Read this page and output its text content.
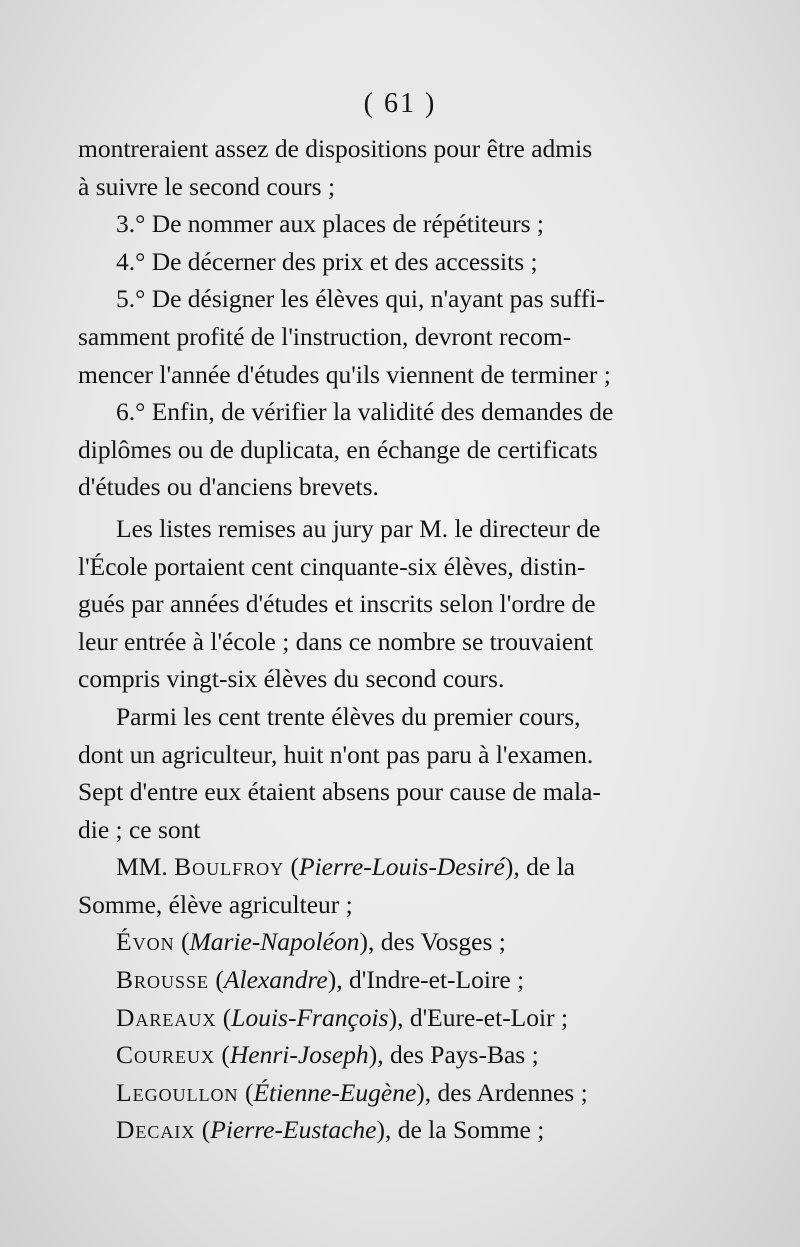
( 61 )
montreraient assez de dispositions pour être admis
à suivre le second cours ;
3.° De nommer aux places de répétiteurs ;
4.° De décerner des prix et des accessits ;
5.° De désigner les élèves qui, n'ayant pas suffi-
samment profité de l'instruction, devront recom-
mencer l'année d'études qu'ils viennent de terminer ;
6.° Enfin, de vérifier la validité des demandes de
diplômes ou de duplicata, en échange de certificats
d'études ou d'anciens brevets.
Les listes remises au jury par M. le directeur de
l'École portaient cent cinquante-six élèves, distin-
gués par années d'études et inscrits selon l'ordre de
leur entrée à l'école ; dans ce nombre se trouvaient
compris vingt-six élèves du second cours.
Parmi les cent trente élèves du premier cours,
dont un agriculteur, huit n'ont pas paru à l'examen.
Sept d'entre eux étaient absens pour cause de mala-
die ; ce sont
MM. Boulfroy (Pierre-Louis-Desiré), de la
Somme, élève agriculteur ;
Évon (Marie-Napoléon), des Vosges ;
Brousse (Alexandre), d'Indre-et-Loire ;
Dareaux (Louis-François), d'Eure-et-Loir ;
Coureux (Henri-Joseph), des Pays-Bas ;
Legoullon (Étienne-Eugène), des Ardennes ;
Decaix (Pierre-Eustache), de la Somme ;
